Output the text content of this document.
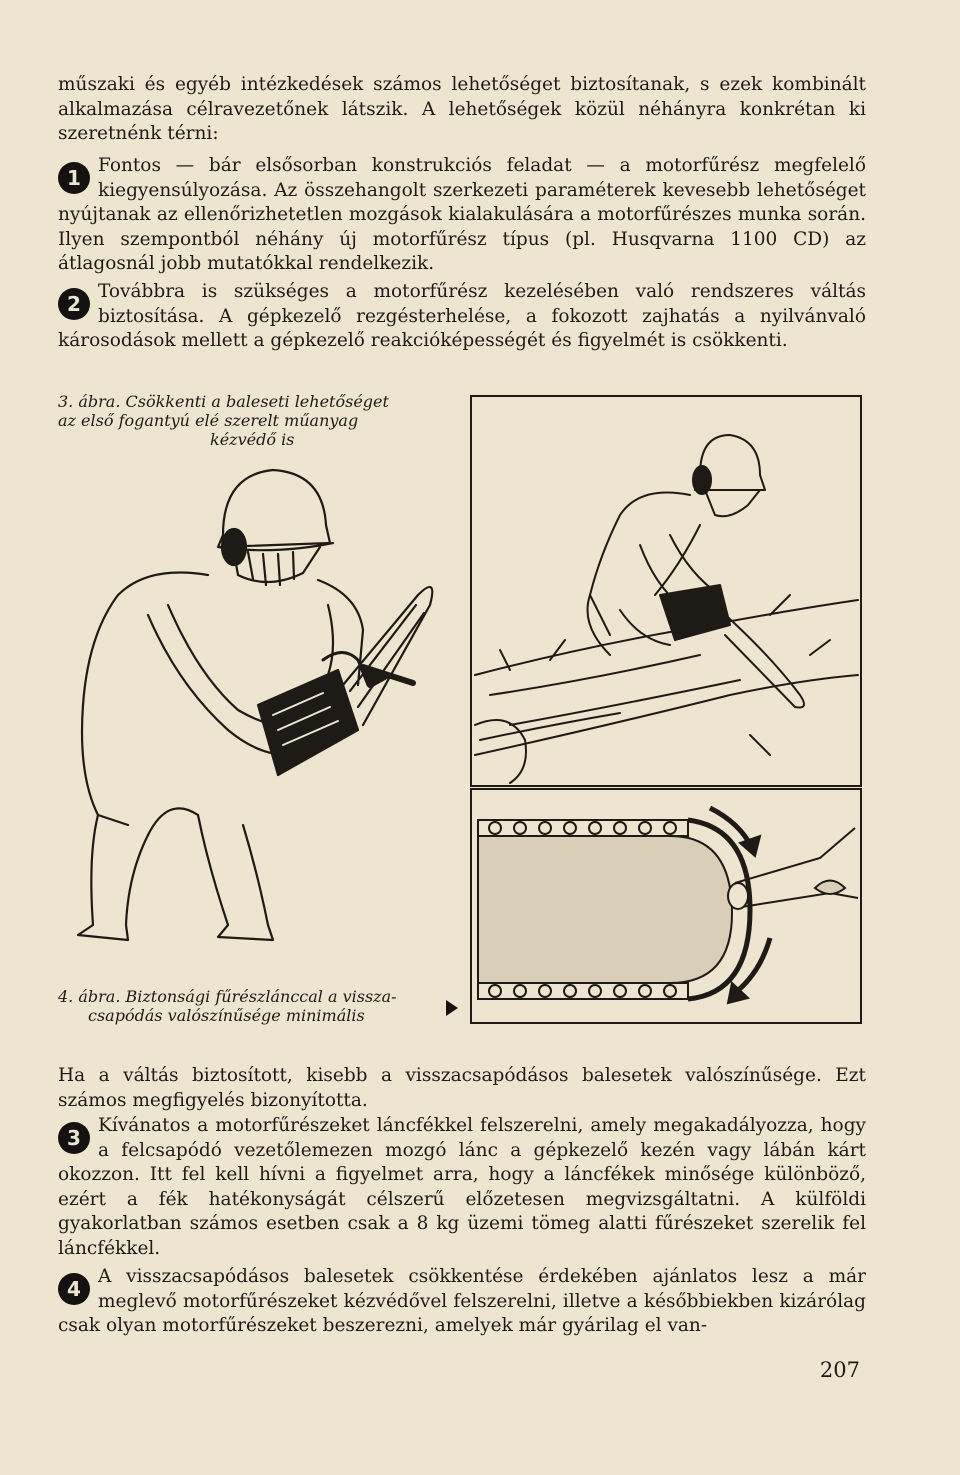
műszaki és egyéb intézkedések számos lehetőséget biztosítanak, s ezek kombinált alkalmazása célravezetőnek látszik. A lehetőségek közül néhányra konkrétan ki szeretnénk térni:

1
Fontos — bár elsősorban konstrukciós feladat — a motorfűrész megfelelő kiegyensúlyozása. Az összehangolt szerkezeti paraméterek kevesebb lehetőséget nyújtanak az ellenőrizhetetlen mozgások kialakulására a motorfűrészes munka során. Ilyen szempontból néhány új motorfűrész típus (pl. Husqvarna 1100 CD) az átlagosnál jobb mutatókkal rendelkezik.

2
Továbbra is szükséges a motorfűrész kezelésében való rendszeres váltás biztosítása. A gépkezelő rezgésterhelése, a fokozott zajhatás a nyilvánvaló károsodások mellett a gépkezelő reakcióképességét és figyelmét is csökkenti.

3. ábra. Csökkenti a baleseti lehetőséget
az első fogantyú elé szerelt műanyag
kézvédő is
4. ábra. Biztonsági fűrészlánccal a vissza-
csapódás valószínűsége minimális

Ha a váltás biztosított, kisebb a visszacsapódásos balesetek valószínűsége. Ezt számos megfigyelés bizonyította.

3
Kívánatos a motorfűrészeket láncfékkel felszerelni, amely megakadályozza, hogy a felcsapódó vezetőlemezen mozgó lánc a gépkezelő kezén vagy lábán kárt okozzon. Itt fel kell hívni a figyelmet arra, hogy a láncfékek minősége különböző, ezért a fék hatékonyságát célszerű előzetesen megvizsgáltatni. A külföldi gyakorlatban számos esetben csak a 8 kg üzemi tömeg alatti fűrészeket szerelik fel láncfékkel.

4
A visszacsapódásos balesetek csökkentése érdekében ajánlatos lesz a már meglevő motorfűrészeket kézvédővel felszerelni, illetve a későbbiekben kizárólag csak olyan motorfűrészeket beszerezni, amelyek már gyárilag el van-

207
